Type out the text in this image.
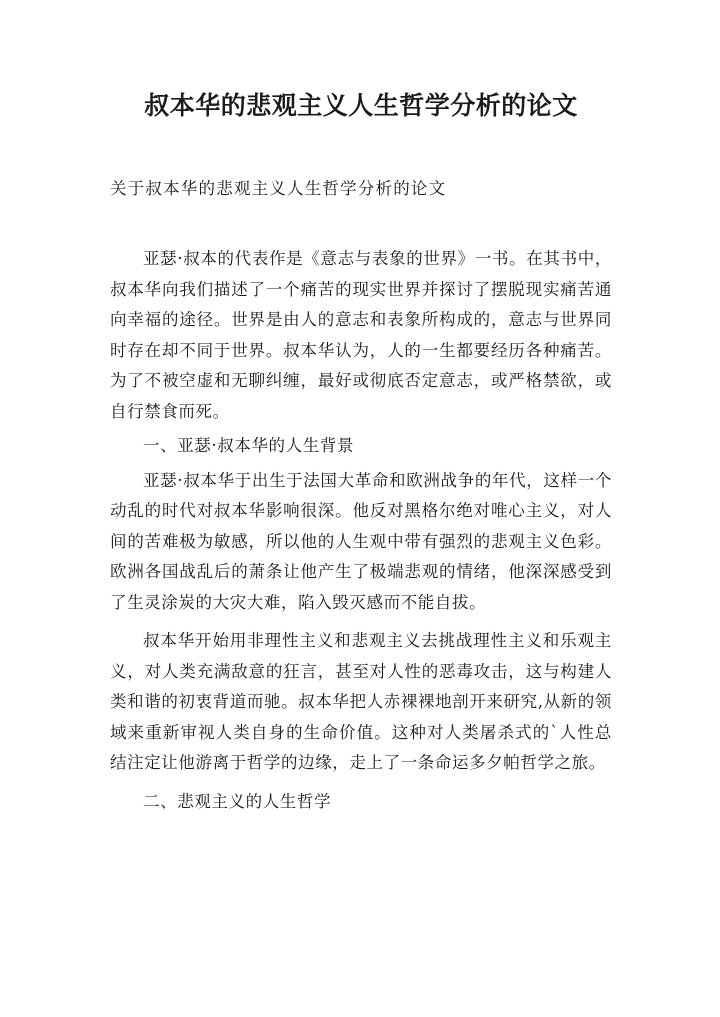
叔本华的悲观主义人生哲学分析的论文

关于叔本华的悲观主义人生哲学分析的论文

亚瑟·叔本的代表作是《意志与表象的世界》一书。在其书中，叔本华向我们描述了一个痛苦的现实世界并探讨了摆脱现实痛苦通向幸福的途径。世界是由人的意志和表象所构成的，意志与世界同时存在却不同于世界。叔本华认为，人的一生都要经历各种痛苦。为了不被空虚和无聊纠缠，最好或彻底否定意志，或严格禁欲，或自行禁食而死。

一、亚瑟·叔本华的人生背景

亚瑟·叔本华于出生于法国大革命和欧洲战争的年代，这样一个动乱的时代对叔本华影响很深。他反对黑格尔绝对唯心主义，对人间的苦难极为敏感，所以他的人生观中带有强烈的悲观主义色彩。欧洲各国战乱后的萧条让他产生了极端悲观的情绪，他深深感受到了生灵涂炭的大灾大难，陷入毁灭感而不能自拔。

叔本华开始用非理性主义和悲观主义去挑战理性主义和乐观主义，对人类充满敌意的狂言，甚至对人性的恶毒攻击，这与构建人类和谐的初衷背道而驰。叔本华把人赤裸裸地剖开来研究,从新的领域来重新审视人类自身的生命价值。这种对人类屠杀式的`人性总结注定让他游离于哲学的边缘，走上了一条命运多夕帕哲学之旅。

二、悲观主义的人生哲学
